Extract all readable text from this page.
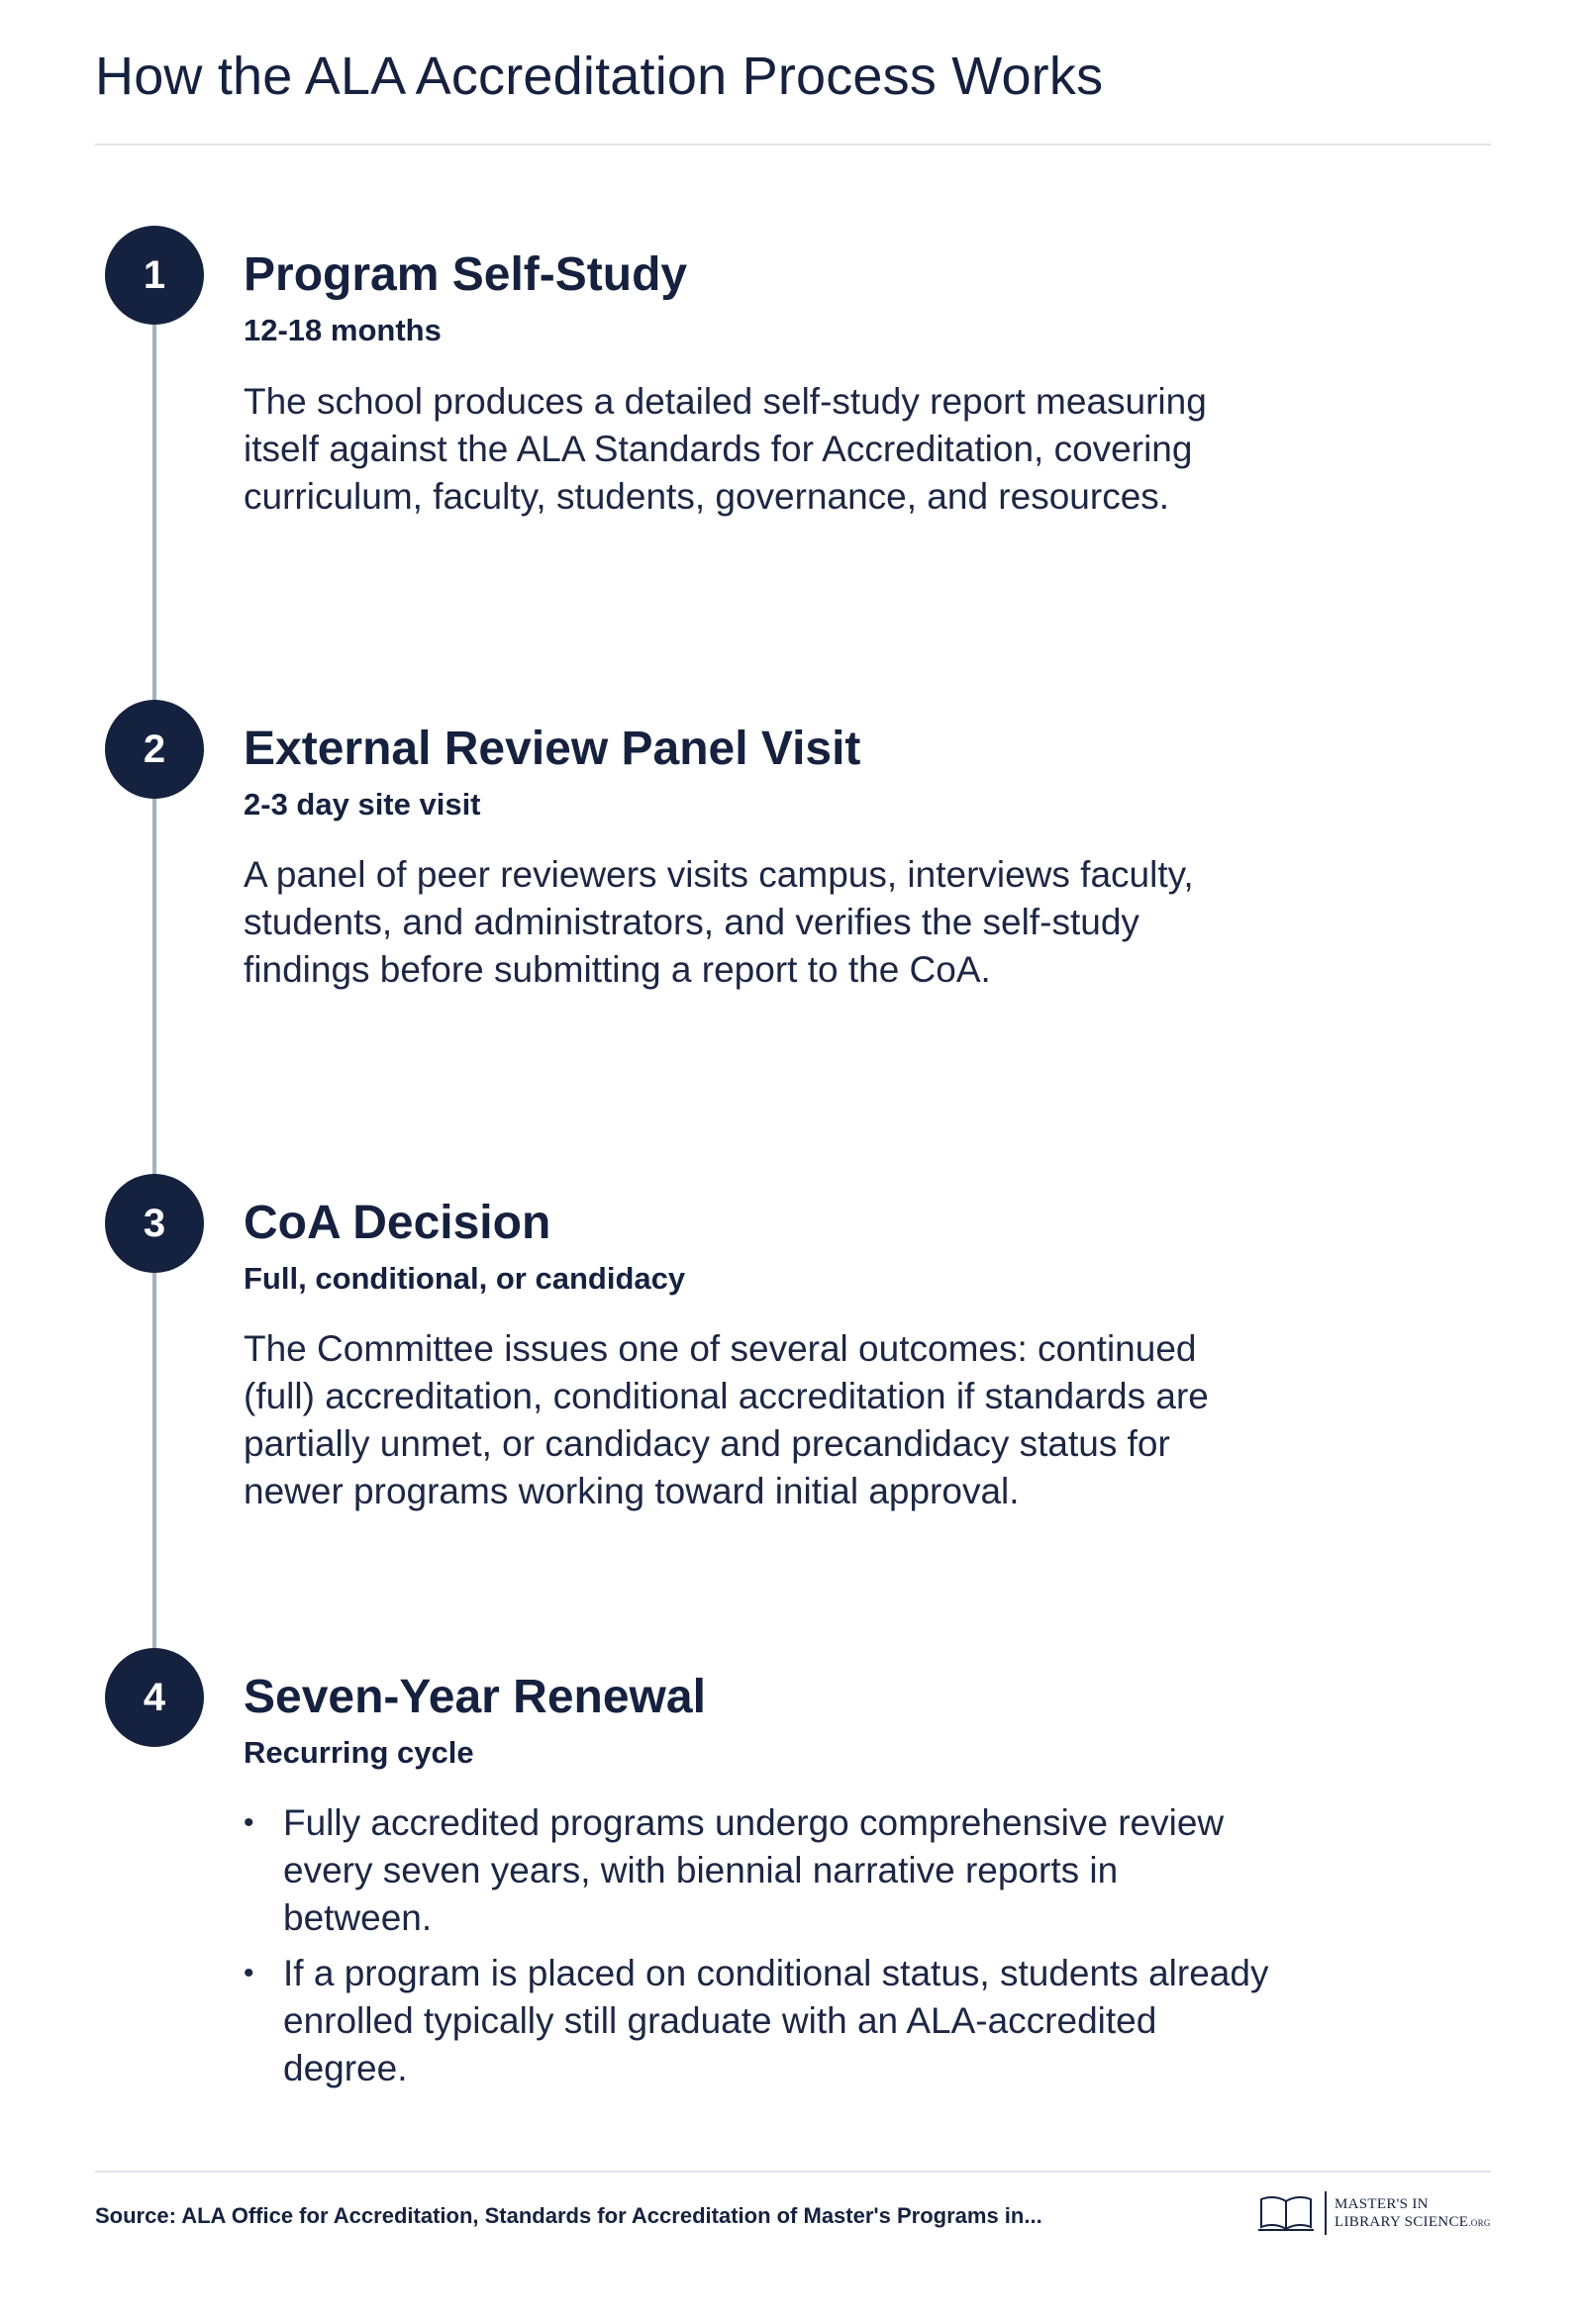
How the ALA Accreditation Process Works
1	Program Self-Study
12-18 months

The school produces a detailed self-study report measuring itself against the ALA Standards for Accreditation, covering curriculum, faculty, students, governance, and resources.

2	External Review Panel Visit
2-3 day site visit

A panel of peer reviewers visits campus, interviews faculty, students, and administrators, and verifies the self-study findings before submitting a report to the CoA.

3	CoA Decision
Full, conditional, or candidacy

The Committee issues one of several outcomes: continued (full) accreditation, conditional accreditation if standards are partially unmet, or candidacy and precandidacy status for newer programs working toward initial approval.

4	Seven-Year Renewal
Recurring cycle
• Fully accredited programs undergo comprehensive review every seven years, with biennial narrative reports in between.
• If a program is placed on conditional status, students already enrolled typically still graduate with an ALA-accredited degree.
Source: ALA Office for Accreditation, Standards for Accreditation of Master's Programs in...	MASTER'S IN
LIBRARY SCIENCE.ORG
